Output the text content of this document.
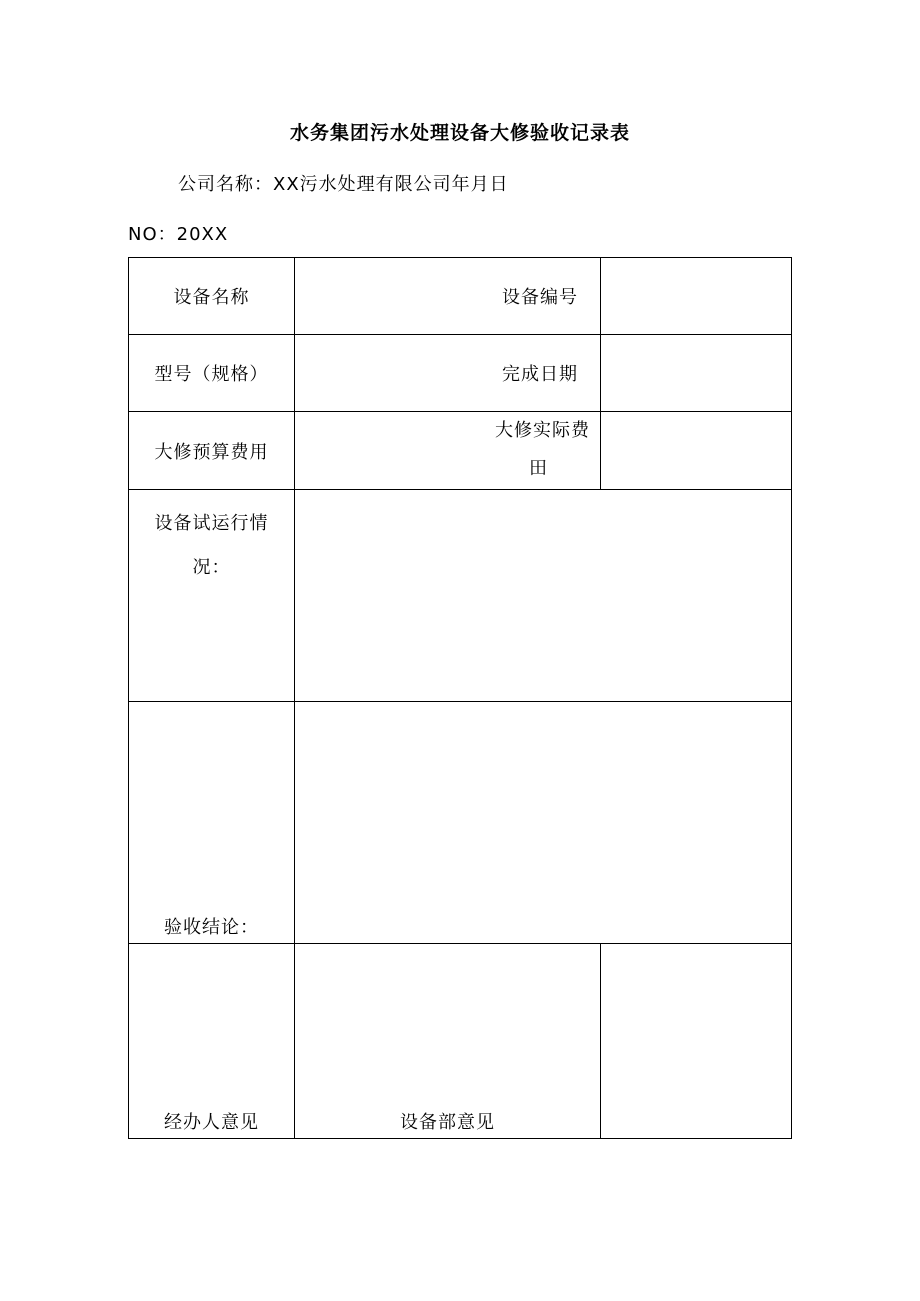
水务集团污水处理设备大修验收记录表
公司名称：XX污水处理有限公司年月日
NO：20XX
设备名称	设备编号	
型号（规格）	完成日期	
大修预算费用	大修实际费
田	

设备试运行情
况：		
验收结论：		
经办人意见	设备部意见	
